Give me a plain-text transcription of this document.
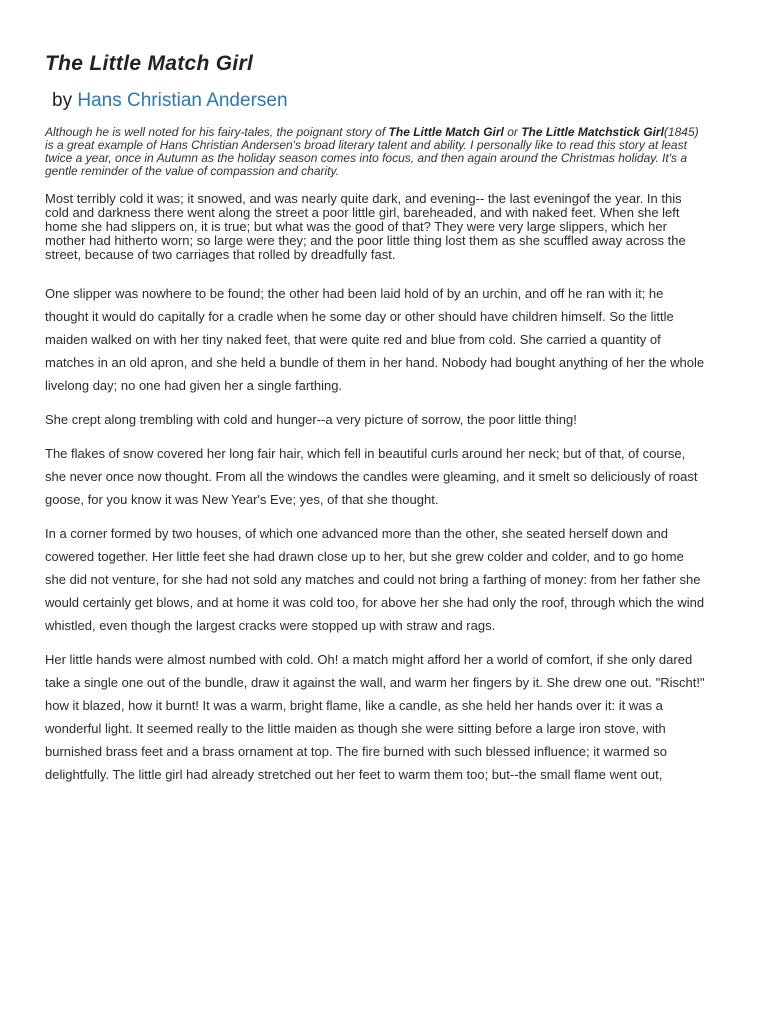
The Little Match Girl
by Hans Christian Andersen

Although he is well noted for his fairy-tales, the poignant story of The Little Match Girl or The Little Matchstick Girl(1845) is a great example of Hans Christian Andersen's broad literary talent and ability. I personally like to read this story at least twice a year, once in Autumn as the holiday season comes into focus, and then again around the Christmas holiday. It's a gentle reminder of the value of compassion and charity.

Most terribly cold it was; it snowed, and was nearly quite dark, and evening-- the last eveningof the year. In this cold and darkness there went along the street a poor little girl, bareheaded, and with naked feet. When she left home she had slippers on, it is true; but what was the good of that? They were very large slippers, which her mother had hitherto worn; so large were they; and the poor little thing lost them as she scuffled away across the street, because of two carriages that rolled by dreadfully fast.

One slipper was nowhere to be found; the other had been laid hold of by an urchin, and off he ran with it; he thought it would do capitally for a cradle when he some day or other should have children himself. So the little maiden walked on with her tiny naked feet, that were quite red and blue from cold. She carried a quantity of matches in an old apron, and she held a bundle of them in her hand. Nobody had bought anything of her the whole livelong day; no one had given her a single farthing.

She crept along trembling with cold and hunger--a very picture of sorrow, the poor little thing!

The flakes of snow covered her long fair hair, which fell in beautiful curls around her neck; but of that, of course, she never once now thought. From all the windows the candles were gleaming, and it smelt so deliciously of roast goose, for you know it was New Year's Eve; yes, of that she thought.

In a corner formed by two houses, of which one advanced more than the other, she seated herself down and cowered together. Her little feet she had drawn close up to her, but she grew colder and colder, and to go home she did not venture, for she had not sold any matches and could not bring a farthing of money: from her father she would certainly get blows, and at home it was cold too, for above her she had only the roof, through which the wind whistled, even though the largest cracks were stopped up with straw and rags.

Her little hands were almost numbed with cold. Oh! a match might afford her a world of comfort, if she only dared take a single one out of the bundle, draw it against the wall, and warm her fingers by it. She drew one out. "Rischt!" how it blazed, how it burnt! It was a warm, bright flame, like a candle, as she held her hands over it: it was a wonderful light. It seemed really to the little maiden as though she were sitting before a large iron stove, with burnished brass feet and a brass ornament at top. The fire burned with such blessed influence; it warmed so delightfully. The little girl had already stretched out her feet to warm them too; but--the small flame went out,
